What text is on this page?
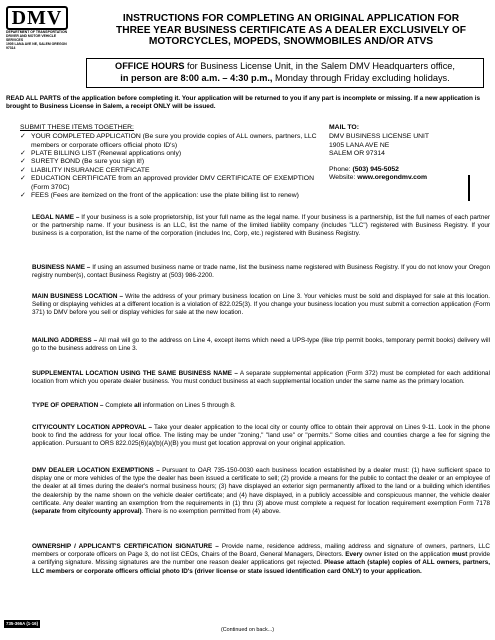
DMV
DEPARTMENT OF TRANSPORTATION
DRIVER AND MOTOR VEHICLE SERVICES
1905 LANA AVE NE, SALEM OREGON 97314
INSTRUCTIONS FOR COMPLETING AN ORIGINAL APPLICATION FOR
THREE YEAR BUSINESS CERTIFICATE AS A DEALER EXCLUSIVELY OF
MOTORCYCLES, MOPEDS, SNOWMOBILES AND/OR ATVS
OFFICE HOURS for Business License Unit, in the Salem DMV Headquarters office,
in person are 8:00 a.m. – 4:30 p.m., Monday through Friday excluding holidays.
READ ALL PARTS of the application before completing it. Your application will be returned to you if any part is incomplete or missing. If a new application is brought to Business License in Salem, a receipt ONLY will be issued.
SUBMIT THESE ITEMS TOGETHER:
✓ YOUR COMPLETED APPLICATION (Be sure you provide copies of ALL owners, partners, LLC members or corporate officers official photo ID's)
✓ PLATE BILLING LIST (Renewal applications only)
✓ SURETY BOND (Be sure you sign it!)
✓ LIABILITY INSURANCE CERTIFICATE
✓ EDUCATION CERTIFICATE from an approved provider DMV CERTIFICATE OF EXEMPTION (Form 370C)
✓ FEES (Fees are itemized on the front of the application: use the plate billing list to renew)
MAIL TO:
DMV BUSINESS LICENSE UNIT
1905 LANA AVE NE
SALEM OR 97314
Phone: (503) 945-5052
Website: www.oregondmv.com
LEGAL NAME – If your business is a sole proprietorship, list your full name as the legal name. If your business is a partnership, list the full names of each partner or the partnership name. If your business is an LLC, list the name of the limited liability company (includes "LLC") registered with Business Registry. If your business is a corporation, list the name of the corporation (includes Inc, Corp, etc.) registered with Business Registry.
BUSINESS NAME – If using an assumed business name or trade name, list the business name registered with Business Registry. If you do not know your Oregon registry number(s), contact Business Registry at (503) 986-2200.
MAIN BUSINESS LOCATION – Write the address of your primary business location on Line 3. Your vehicles must be sold and displayed for sale at this location. Selling or displaying vehicles at a different location is a violation of 822.025(3). If you change your business location you must submit a correction application (Form 371) to DMV before you sell or display vehicles for sale at the new location.
MAILING ADDRESS – All mail will go to the address on Line 4, except items which need a UPS-type (like trip permit books, temporary permit books) delivery will go to the business address on Line 3.
SUPPLEMENTAL LOCATION USING THE SAME BUSINESS NAME – A separate supplemental application (Form 372) must be completed for each additional location from which you operate dealer business. You must conduct business at each supplemental location under the same name as the primary location.
TYPE OF OPERATION – Complete all information on Lines 5 through 8.
CITY/COUNTY LOCATION APPROVAL – Take your dealer application to the local city or county office to obtain their approval on Lines 9-11. Look in the phone book to find the address for your local office. The listing may be under "zoning," "land use" or "permits." Some cities and counties charge a fee for signing the application. Pursuant to ORS 822.025(6)(a)(b)(A)(B) you must get location approval on your original application.
DMV DEALER LOCATION EXEMPTIONS – Pursuant to OAR 735-150-0030 each business location established by a dealer must: (1) have sufficient space to display one or more vehicles of the type the dealer has been issued a certificate to sell; (2) provide a means for the public to contact the dealer or an employee of the dealer at all times during the dealer's normal business hours; (3) have displayed an exterior sign permanently affixed to the land or a building which identifies the dealership by the name shown on the vehicle dealer certificate; and (4) have displayed, in a publicly accessible and conspicuous manner, the vehicle dealer certificate. Any dealer wanting an exemption from the requirements in (1) thru (3) above must complete a request for location requirement exemption Form 7178 (separate from city/county approval). There is no exemption permitted from (4) above.
OWNERSHIP / APPLICANT'S CERTIFICATION SIGNATURE – Provide name, residence address, mailing address and signature of owners, partners, LLC members or corporate officers on Page 3, do not list CEOs, Chairs of the Board, General Managers, Directors. Every owner listed on the application must provide a certifying signature. Missing signatures are the number one reason dealer applications get rejected. Please attach (staple) copies of ALL owners, partners, LLC members or corporate officers official photo ID's (driver license or state issued identification card ONLY) to your application.
735-366A (1-16)
(Continued on back...)
